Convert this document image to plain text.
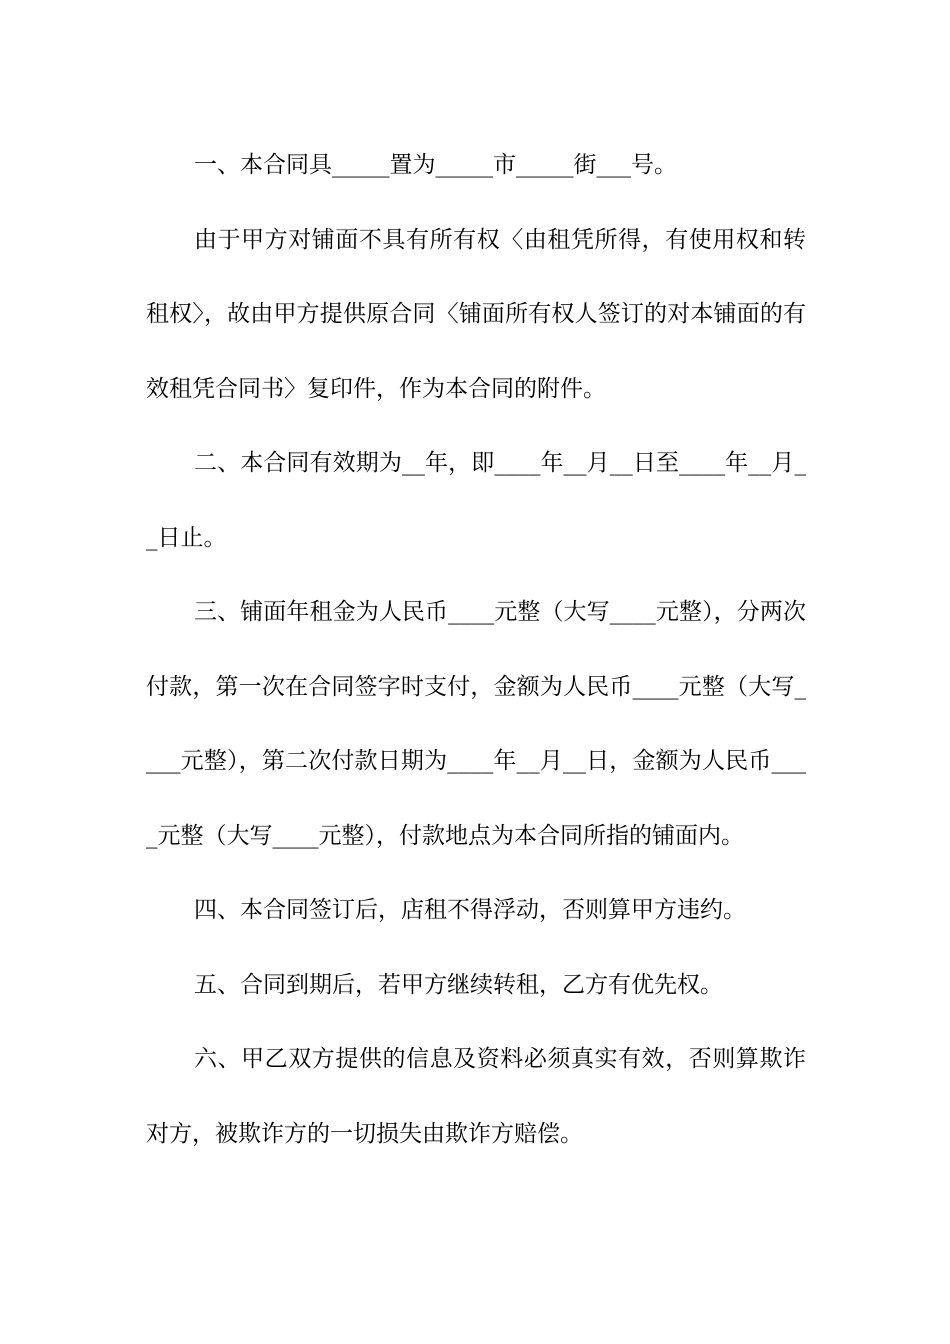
一、本合同具_____置为_____市_____街___号。

由于甲方对铺面不具有所有权〈由租凭所得，有使用权和转租权〉，故由甲方提供原合同〈铺面所有权人签订的对本铺面的有效租凭合同书〉复印件，作为本合同的附件。

二、本合同有效期为__年，即____年__月__日至____年__月__日止。

三、铺面年租金为人民币____元整（大写____元整），分两次付款，第一次在合同签字时支付，金额为人民币____元整（大写____元整），第二次付款日期为____年__月__日，金额为人民币____元整（大写____元整），付款地点为本合同所指的铺面内。

四、本合同签订后，店租不得浮动，否则算甲方违约。

五、合同到期后，若甲方继续转租，乙方有优先权。

六、甲乙双方提供的信息及资料必须真实有效，否则算欺诈对方，被欺诈方的一切损失由欺诈方赔偿。
